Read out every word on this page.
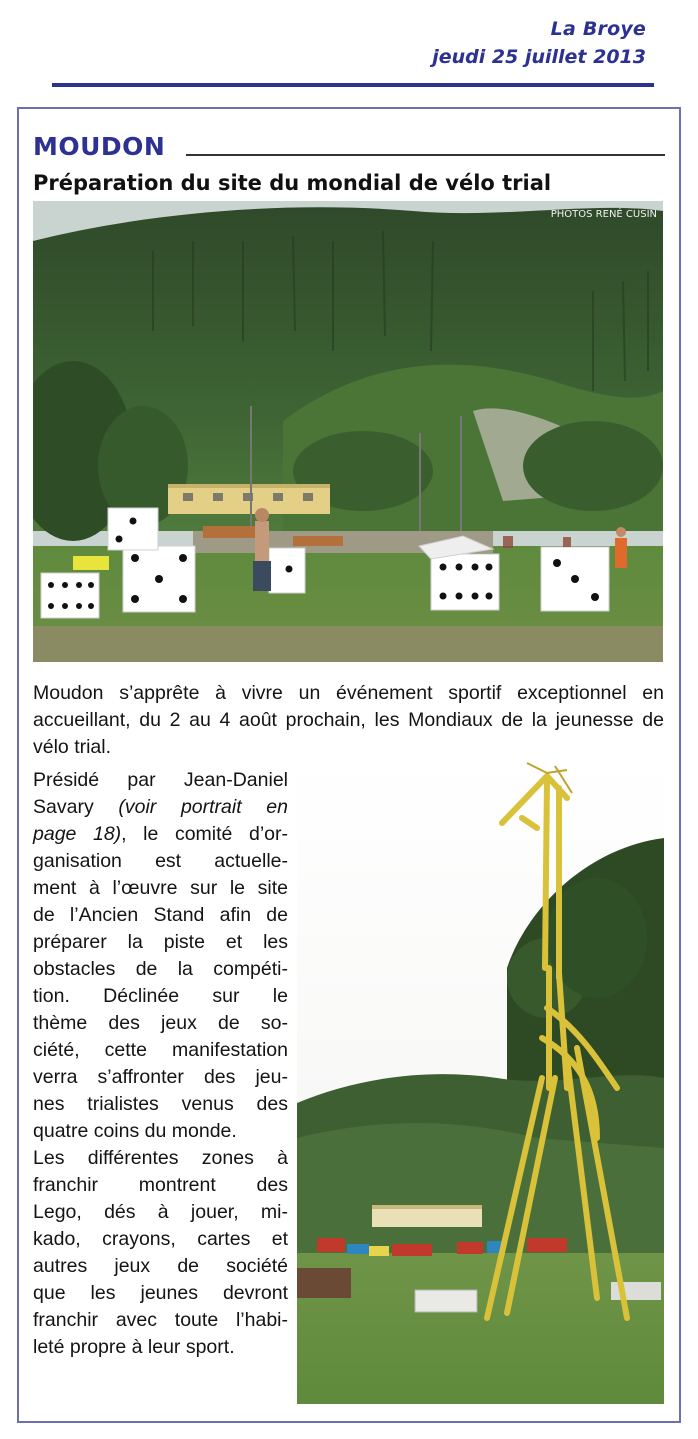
La Broye
jeudi 25 juillet 2013
MOUDON
Préparation du site du mondial de vélo trial
PHOTOS RENÉ CUSIN

Moudon s’apprête à vivre un événement sportif exceptionnel en accueillant, du 2 au 4 août prochain, les Mondiaux de la jeunesse de vélo trial.

Présidé par Jean-Daniel
Savary (voir portrait en
page 18), le comité d’or-
ganisation est actuelle-
ment à l’œuvre sur le site
de l’Ancien Stand afin de
préparer la piste et les
obstacles de la compéti-
tion. Déclinée sur le
thème des jeux de so-
ciété, cette manifestation
verra s’affronter des jeu-
nes trialistes venus des
quatre coins du monde.
Les différentes zones à
franchir montrent des
Lego, dés à jouer, mi-
kado, crayons, cartes et
autres jeux de société
que les jeunes devront
franchir avec toute l’habi-
leté propre à leur sport.
